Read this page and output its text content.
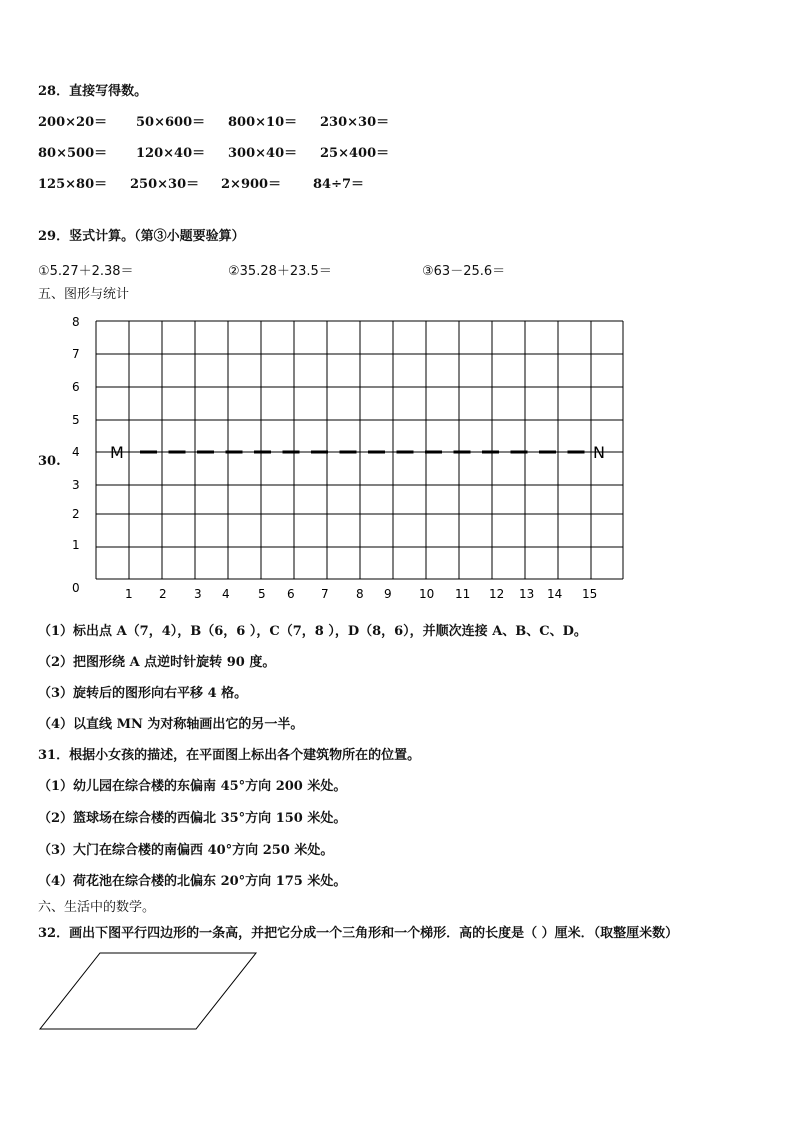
28．直接写得数。
200×20＝ 50×600＝ 800×10＝ 230×30＝
80×500＝ 120×40＝ 300×40＝ 25×400＝
125×80＝ 250×30＝ 2×900＝ 84÷7＝
29．竖式计算。（第③小题要验算）
①5.27＋2.38＝	②35.28＋23.5＝	③63－25.6＝
五、图形与统计
30.
0
1
2
3
4
5
6
7
8
1 2 3 4 5 6 7 8 9 10 11 12 13 14 15
M	N
（1）标出点 A（7，4），B（6，6 ），C（7，8 ），D（8，6），并顺次连接 A、B、C、D。
（2）把图形绕 A 点逆时针旋转 90 度。
（3）旋转后的图形向右平移 4 格。
（4）以直线 MN 为对称轴画出它的另一半。
31．根据小女孩的描述，在平面图上标出各个建筑物所在的位置。
（1）幼儿园在综合楼的东偏南 45°方向 200 米处。
（2）篮球场在综合楼的西偏北 35°方向 150 米处。
（3）大门在综合楼的南偏西 40°方向 250 米处。
（4）荷花池在综合楼的北偏东 20°方向 175 米处。
六、生活中的数学。
32．画出下图平行四边形的一条高，并把它分成一个三角形和一个梯形．高的长度是（ ）厘米．（取整厘米数）
